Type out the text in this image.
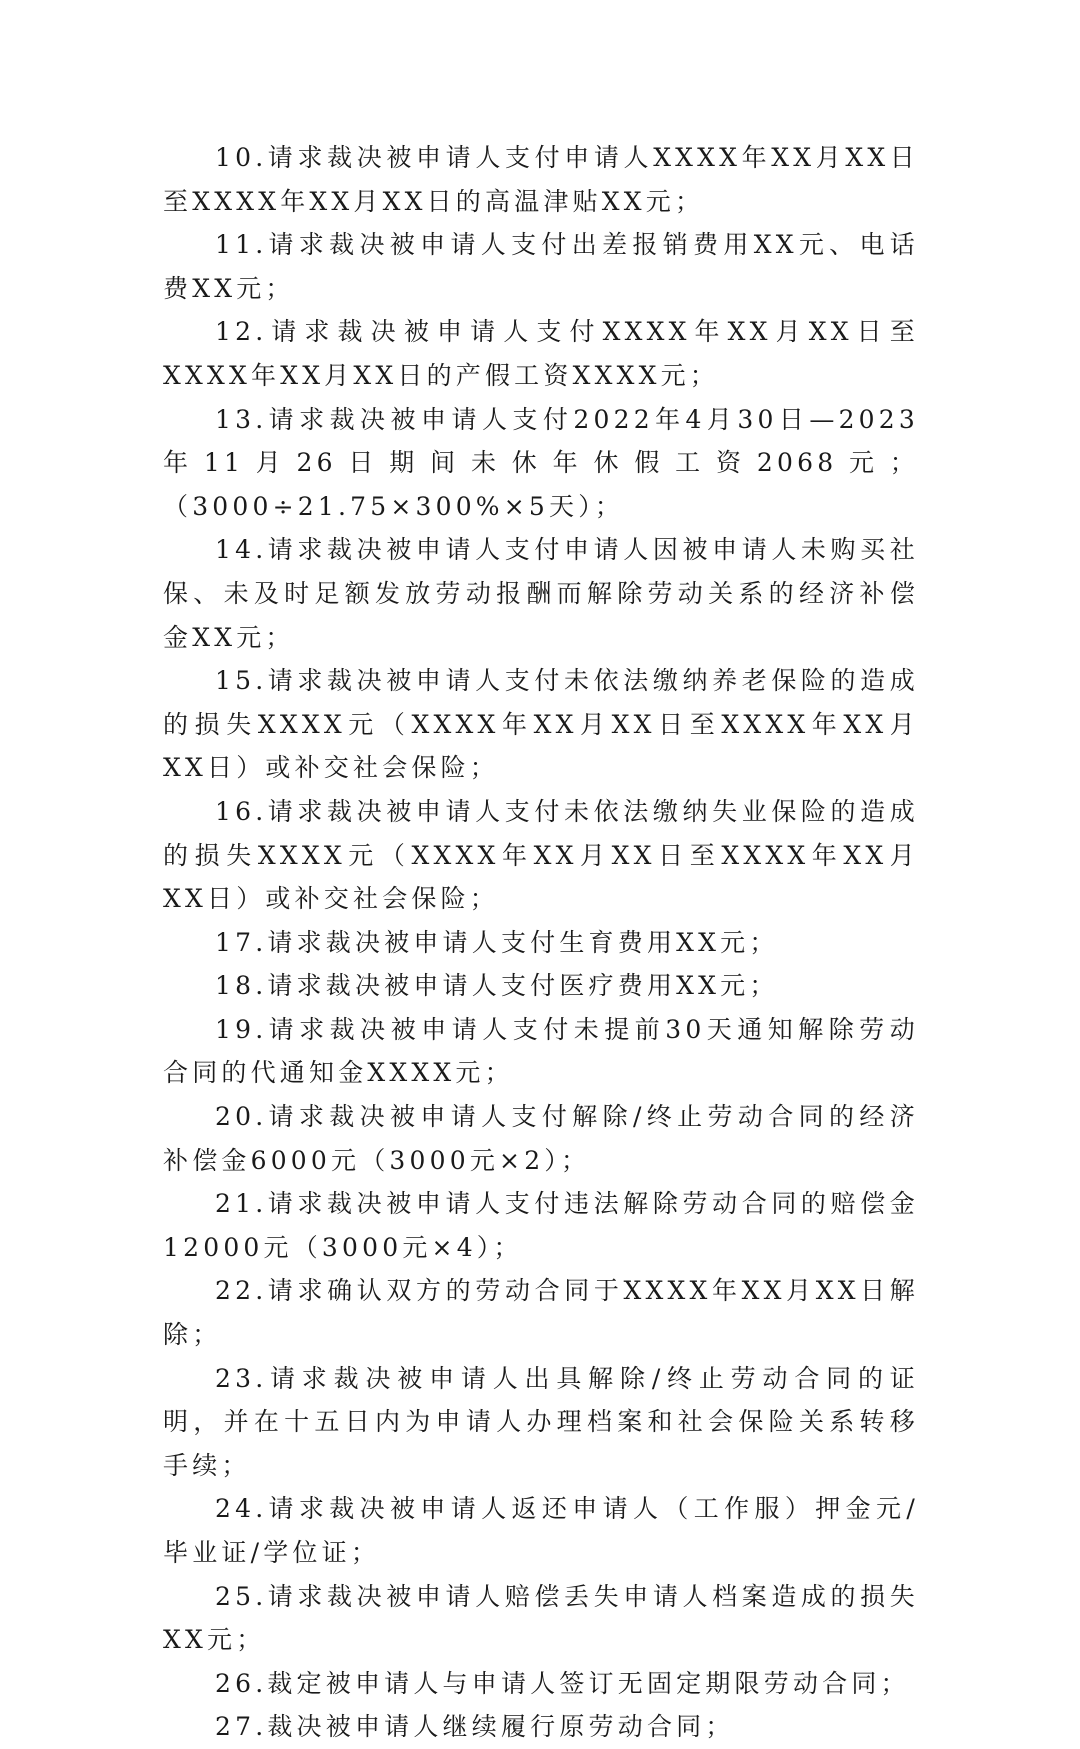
10.请求裁决被申请人支付申请人XXXX年XX月XX日至XXXX年XX月XX日的高温津贴XX元；

11.请求裁决被申请人支付出差报销费用XX元、电话费XX元；

12.请求裁决被申请人支付XXXX年XX月XX日至XXXX年XX月XX日的产假工资XXXX元；

13.请求裁决被申请人支付2022年4月30日—2023年11月26日期间未休年休假工资2068元；（3000÷21.75×300%×5天）；

14.请求裁决被申请人支付申请人因被申请人未购买社保、未及时足额发放劳动报酬而解除劳动关系的经济补偿金XX元；

15.请求裁决被申请人支付未依法缴纳养老保险的造成的损失XXXX元（XXXX年XX月XX日至XXXX年XX月XX日）或补交社会保险；

16.请求裁决被申请人支付未依法缴纳失业保险的造成的损失XXXX元（XXXX年XX月XX日至XXXX年XX月XX日）或补交社会保险；

17.请求裁决被申请人支付生育费用XX元；

18.请求裁决被申请人支付医疗费用XX元；

19.请求裁决被申请人支付未提前30天通知解除劳动合同的代通知金XXXX元；

20.请求裁决被申请人支付解除/终止劳动合同的经济补偿金6000元（3000元×2）；

21.请求裁决被申请人支付违法解除劳动合同的赔偿金12000元（3000元×4）；

22.请求确认双方的劳动合同于XXXX年XX月XX日解除；

23.请求裁决被申请人出具解除/终止劳动合同的证明，并在十五日内为申请人办理档案和社会保险关系转移手续；

24.请求裁决被申请人返还申请人（工作服）押金元/毕业证/学位证；

25.请求裁决被申请人赔偿丢失申请人档案造成的损失XX元；

26.裁定被申请人与申请人签订无固定期限劳动合同；

27.裁决被申请人继续履行原劳动合同；
